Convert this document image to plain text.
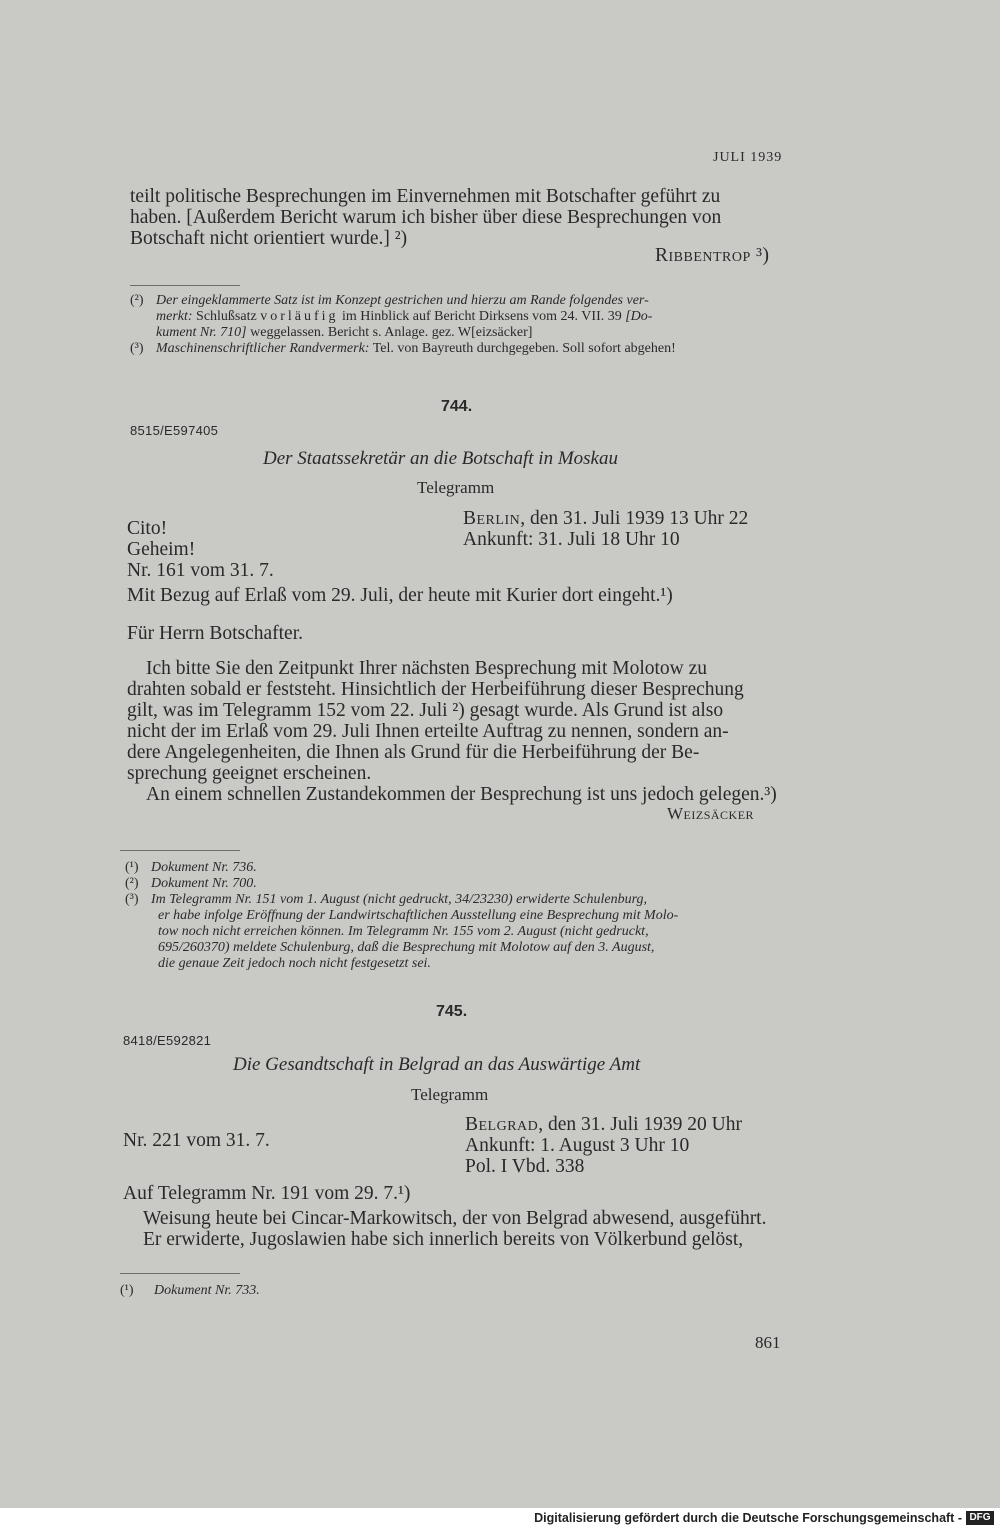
JULI 1939
teilt politische Besprechungen im Einvernehmen mit Botschafter geführt zu
haben. [Außerdem Bericht warum ich bisher über diese Besprechungen von
Botschaft nicht orientiert wurde.] ²)
Ribbentrop ³)
(²) Der eingeklammerte Satz ist im Konzept gestrichen und hierzu am Rande folgendes ver-
merkt: Schlußsatz vorläufig im Hinblick auf Bericht Dirksens vom 24. VII. 39 [Do-
kument Nr. 710] weggelassen. Bericht s. Anlage. gez. W[eizsäcker]
(³) Maschinenschriftlicher Randvermerk: Tel. von Bayreuth durchgegeben. Soll sofort abgehen!
744.
8515/E597405
Der Staatssekretär an die Botschaft in Moskau
Telegramm
Cito!
Geheim!
Nr. 161 vom 31. 7.
Berlin, den 31. Juli 1939 13 Uhr 22
Ankunft: 31. Juli 18 Uhr 10
Mit Bezug auf Erlaß vom 29. Juli, der heute mit Kurier dort eingeht.¹)
Für Herrn Botschafter.
Ich bitte Sie den Zeitpunkt Ihrer nächsten Besprechung mit Molotow zu
drahten sobald er feststeht. Hinsichtlich der Herbeiführung dieser Besprechung
gilt, was im Telegramm 152 vom 22. Juli ²) gesagt wurde. Als Grund ist also
nicht der im Erlaß vom 29. Juli Ihnen erteilte Auftrag zu nennen, sondern an-
dere Angelegenheiten, die Ihnen als Grund für die Herbeiführung der Be-
sprechung geeignet erscheinen.
An einem schnellen Zustandekommen der Besprechung ist uns jedoch gelegen.³)
Weizsäcker
(¹) Dokument Nr. 736.
(²) Dokument Nr. 700.
(³) Im Telegramm Nr. 151 vom 1. August (nicht gedruckt, 34/23230) erwiderte Schulenburg,
er habe infolge Eröffnung der Landwirtschaftlichen Ausstellung eine Besprechung mit Molo-
tow noch nicht erreichen können. Im Telegramm Nr. 155 vom 2. August (nicht gedruckt,
695/260370) meldete Schulenburg, daß die Besprechung mit Molotow auf den 3. August,
die genaue Zeit jedoch noch nicht festgesetzt sei.
745.
8418/E592821
Die Gesandtschaft in Belgrad an das Auswärtige Amt
Telegramm
Nr. 221 vom 31. 7.
Belgrad, den 31. Juli 1939 20 Uhr
Ankunft: 1. August 3 Uhr 10
Pol. I Vbd. 338
Auf Telegramm Nr. 191 vom 29. 7.¹)
Weisung heute bei Cincar-Markowitsch, der von Belgrad abwesend, ausgeführt.
Er erwiderte, Jugoslawien habe sich innerlich bereits von Völkerbund gelöst,
(¹) Dokument Nr. 733.
861
Digitalisierung gefördert durch die Deutsche Forschungsgemeinschaft - DFG
